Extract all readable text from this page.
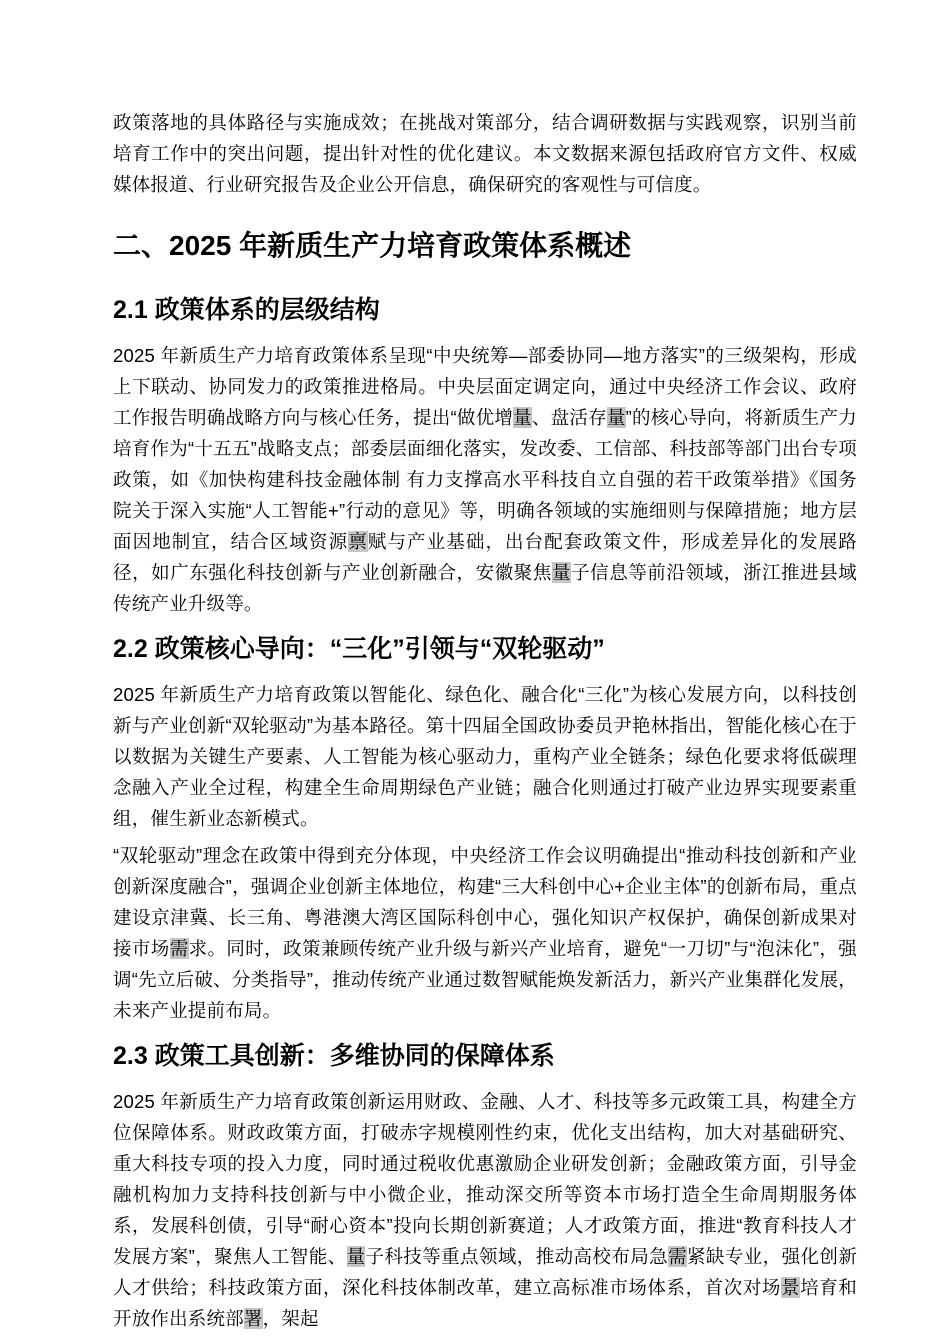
政策落地的具体路径与实施成效；在挑战对策部分，结合调研数据与实践观察，识别当前培育工作中的突出问题，提出针对性的优化建议。本文数据来源包括政府官方文件、权威媒体报道、行业研究报告及企业公开信息，确保研究的客观性与可信度。

二、2025 年新质生产力培育政策体系概述
2.1 政策体系的层级结构

2025 年新质生产力培育政策体系呈现“中央统筹—部委协同—地方落实”的三级架构，形成上下联动、协同发力的政策推进格局。中央层面定调定向，通过中央经济工作会议、政府工作报告明确战略方向与核心任务，提出“做优增量、盘活存量”的核心导向，将新质生产力培育作为“十五五”战略支点；部委层面细化落实，发改委、工信部、科技部等部门出台专项政策，如《加快构建科技金融体制 有力支撑高水平科技自立自强的若干政策举措》《国务院关于深入实施“人工智能+”行动的意见》等，明确各领域的实施细则与保障措施；地方层面因地制宜，结合区域资源禀赋与产业基础，出台配套政策文件，形成差异化的发展路径，如广东强化科技创新与产业创新融合，安徽聚焦量子信息等前沿领域，浙江推进县域传统产业升级等。

2.2 政策核心导向：“三化”引领与“双轮驱动”

2025 年新质生产力培育政策以智能化、绿色化、融合化“三化”为核心发展方向，以科技创新与产业创新“双轮驱动”为基本路径。第十四届全国政协委员尹艳林指出，智能化核心在于以数据为关键生产要素、人工智能为核心驱动力，重构产业全链条；绿色化要求将低碳理念融入产业全过程，构建全生命周期绿色产业链；融合化则通过打破产业边界实现要素重组，催生新业态新模式。

“双轮驱动”理念在政策中得到充分体现，中央经济工作会议明确提出“推动科技创新和产业创新深度融合”，强调企业创新主体地位，构建“三大科创中心+企业主体”的创新布局，重点建设京津冀、长三角、粤港澳大湾区国际科创中心，强化知识产权保护，确保创新成果对接市场需求。同时，政策兼顾传统产业升级与新兴产业培育，避免“一刀切”与“泡沫化”，强调“先立后破、分类指导”，推动传统产业通过数智赋能焕发新活力，新兴产业集群化发展，未来产业提前布局。

2.3 政策工具创新：多维协同的保障体系

2025 年新质生产力培育政策创新运用财政、金融、人才、科技等多元政策工具，构建全方位保障体系。财政政策方面，打破赤字规模刚性约束，优化支出结构，加大对基础研究、重大科技专项的投入力度，同时通过税收优惠激励企业研发创新；金融政策方面，引导金融机构加力支持科技创新与中小微企业，推动深交所等资本市场打造全生命周期服务体系，发展科创债，引导“耐心资本”投向长期创新赛道；人才政策方面，推进“教育科技人才发展方案”，聚焦人工智能、量子科技等重点领域，推动高校布局急需紧缺专业，强化创新人才供给；科技政策方面，深化科技体制改革，建立高标准市场体系，首次对场景培育和开放作出系统部署，架起
